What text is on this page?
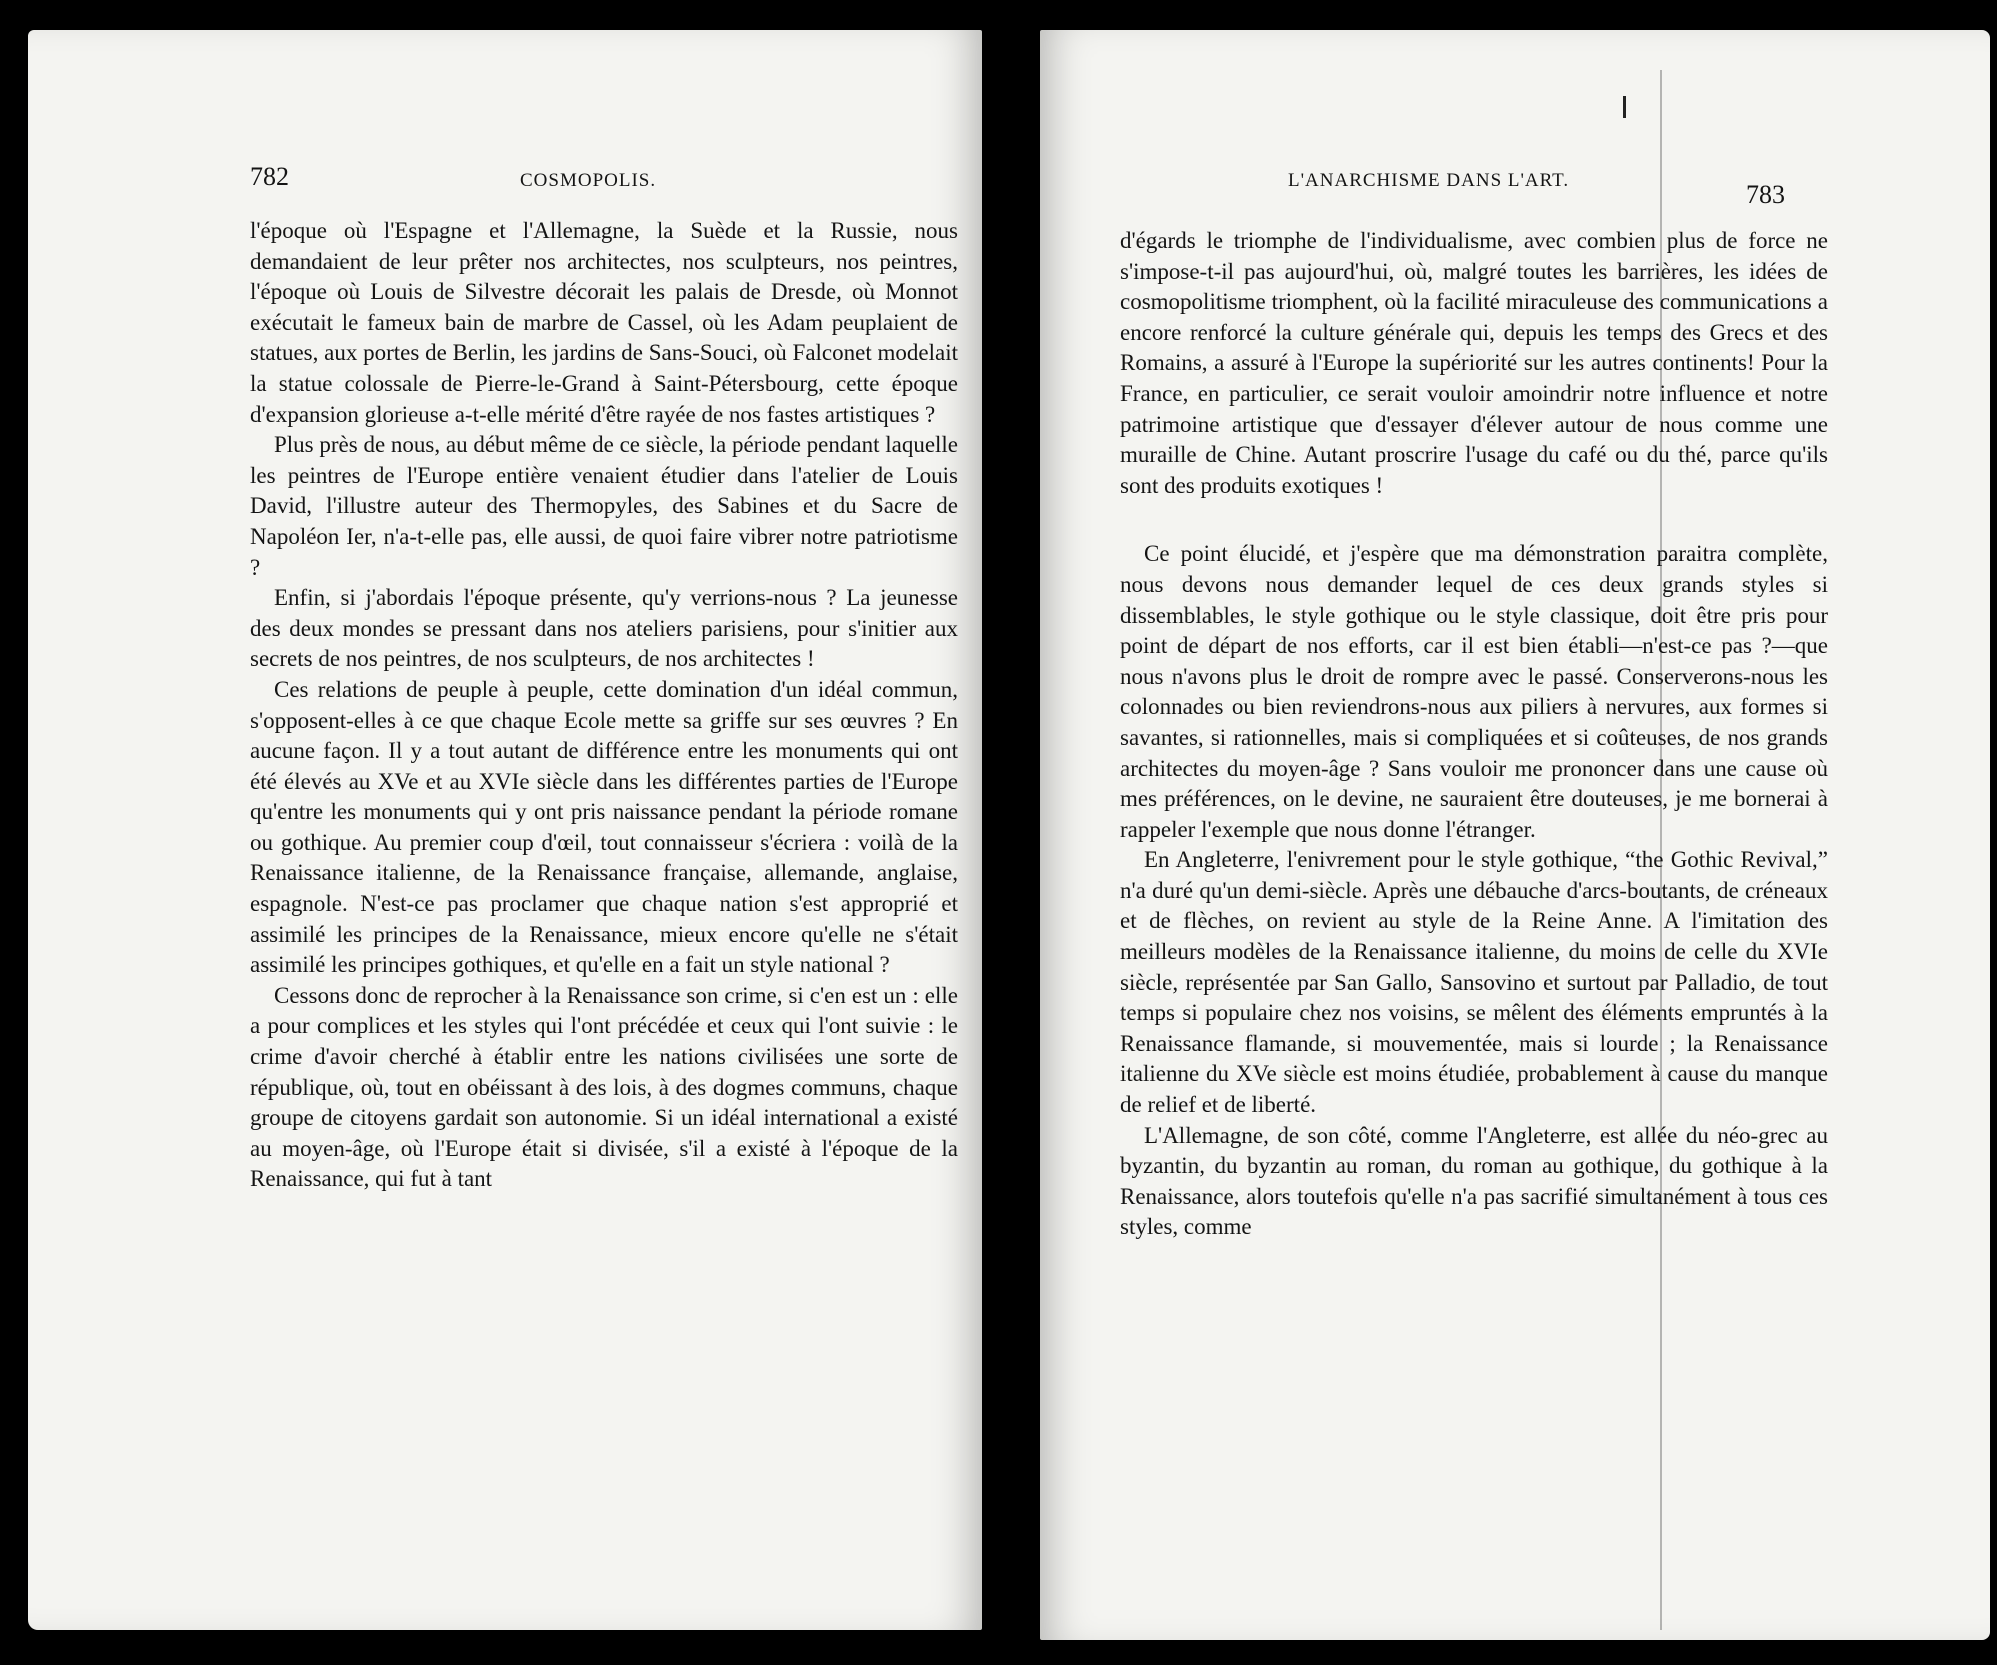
782	COSMOPOLIS.

l'époque où l'Espagne et l'Allemagne, la Suède et la Russie, nous demandaient de leur prêter nos architectes, nos sculpteurs, nos peintres, l'époque où Louis de Silvestre décorait les palais de Dresde, où Monnot exécutait le fameux bain de marbre de Cassel, où les Adam peuplaient de statues, aux portes de Berlin, les jardins de Sans-Souci, où Falconet modelait la statue colossale de Pierre-le-Grand à Saint-Pétersbourg, cette époque d'expansion glorieuse a-t-elle mérité d'être rayée de nos fastes artistiques ?

Plus près de nous, au début même de ce siècle, la période pendant laquelle les peintres de l'Europe entière venaient étudier dans l'atelier de Louis David, l'illustre auteur des Thermopyles, des Sabines et du Sacre de Napoléon Ier, n'a-t-elle pas, elle aussi, de quoi faire vibrer notre patriotisme ?

Enfin, si j'abordais l'époque présente, qu'y verrions-nous ? La jeunesse des deux mondes se pressant dans nos ateliers parisiens, pour s'initier aux secrets de nos peintres, de nos sculpteurs, de nos architectes !

Ces relations de peuple à peuple, cette domination d'un idéal commun, s'opposent-elles à ce que chaque Ecole mette sa griffe sur ses œuvres ? En aucune façon. Il y a tout autant de différence entre les monuments qui ont été élevés au XVe et au XVIe siècle dans les différentes parties de l'Europe qu'entre les monuments qui y ont pris naissance pendant la période romane ou gothique. Au premier coup d'œil, tout connaisseur s'écriera : voilà de la Renaissance italienne, de la Renaissance française, allemande, anglaise, espagnole. N'est-ce pas proclamer que chaque nation s'est approprié et assimilé les principes de la Renaissance, mieux encore qu'elle ne s'était assimilé les principes gothiques, et qu'elle en a fait un style national ?

Cessons donc de reprocher à la Renaissance son crime, si c'en est un : elle a pour complices et les styles qui l'ont précédée et ceux qui l'ont suivie : le crime d'avoir cherché à établir entre les nations civilisées une sorte de république, où, tout en obéissant à des lois, à des dogmes communs, chaque groupe de citoyens gardait son autonomie. Si un idéal international a existé au moyen-âge, où l'Europe était si divisée, s'il a existé à l'époque de la Renaissance, qui fut à tant

L'ANARCHISME DANS L'ART.	783

d'égards le triomphe de l'individualisme, avec combien plus de force ne s'impose-t-il pas aujourd'hui, où, malgré toutes les barrières, les idées de cosmopolitisme triomphent, où la facilité miraculeuse des communications a encore renforcé la culture générale qui, depuis les temps des Grecs et des Romains, a assuré à l'Europe la supériorité sur les autres continents! Pour la France, en particulier, ce serait vouloir amoindrir notre influence et notre patrimoine artistique que d'essayer d'élever autour de nous comme une muraille de Chine. Autant proscrire l'usage du café ou du thé, parce qu'ils sont des produits exotiques !

Ce point élucidé, et j'espère que ma démonstration paraitra complète, nous devons nous demander lequel de ces deux grands styles si dissemblables, le style gothique ou le style classique, doit être pris pour point de départ de nos efforts, car il est bien établi—n'est-ce pas ?—que nous n'avons plus le droit de rompre avec le passé. Conserverons-nous les colonnades ou bien reviendrons-nous aux piliers à nervures, aux formes si savantes, si rationnelles, mais si compliquées et si coûteuses, de nos grands architectes du moyen-âge ? Sans vouloir me prononcer dans une cause où mes préférences, on le devine, ne sauraient être douteuses, je me bornerai à rappeler l'exemple que nous donne l'étranger.

En Angleterre, l'enivrement pour le style gothique, “the Gothic Revival,” n'a duré qu'un demi-siècle. Après une débauche d'arcs-boutants, de créneaux et de flèches, on revient au style de la Reine Anne. A l'imitation des meilleurs modèles de la Renaissance italienne, du moins de celle du XVIe siècle, représentée par San Gallo, Sansovino et surtout par Palladio, de tout temps si populaire chez nos voisins, se mêlent des éléments empruntés à la Renaissance flamande, si mouvementée, mais si lourde ; la Renaissance italienne du XVe siècle est moins étudiée, probablement à cause du manque de relief et de liberté.

L'Allemagne, de son côté, comme l'Angleterre, est allée du néo-grec au byzantin, du byzantin au roman, du roman au gothique, du gothique à la Renaissance, alors toutefois qu'elle n'a pas sacrifié simultanément à tous ces styles, comme
